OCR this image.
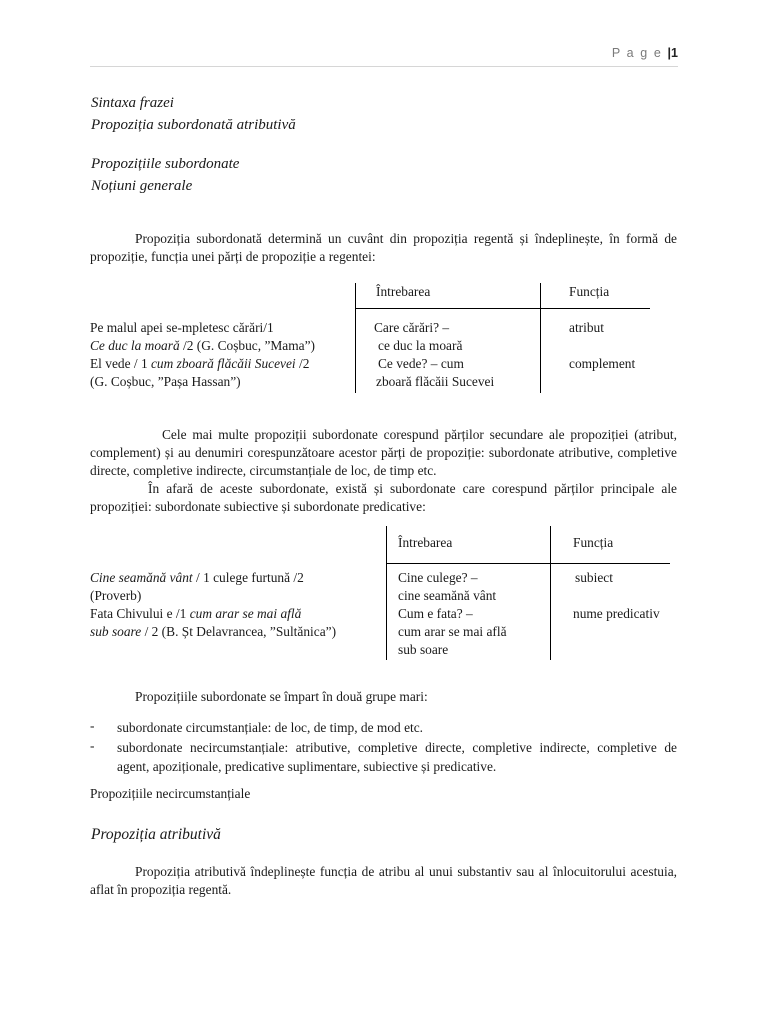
P a g e |1
Sintaxa frazei
Propoziția subordonată atributivă
Propozițiile subordonate
Noțiuni generale
Propoziția subordonată determină un cuvânt din propoziția regentă și îndeplinește, în formă de propoziție, funcția unei părți de propoziție a regentei:
Întrebarea	Funcția
Pe malul apei se-mpletesc cărări/1
Ce duc la moară /2 (G. Coșbuc, ”Mama”)
El vede / 1 cum zboară flăcăii Sucevei /2
(G. Coșbuc, ”Pașa Hassan”)
Care cărări? –
ce duc la moară
Ce vede? – cum
zboară flăcăii Sucevei
atribut
complement
Cele mai multe propoziții subordonate corespund părților secundare ale propoziției (atribut, complement) și au denumiri corespunzătoare acestor părți de propoziție: subordonate atributive, completive directe, completive indirecte, circumstanțiale de loc, de timp etc.
În afară de aceste subordonate, există și subordonate care corespund părților principale ale propoziției: subordonate subiective și subordonate predicative:
Întrebarea	Funcția
Cine seamănă vânt / 1 culege furtună /2
(Proverb)
Fata Chivului e /1 cum arar se mai află
sub soare / 2 (B. Șt Delavrancea, ”Sultănica”)
Cine culege? –
cine seamănă vânt
Cum e fata? –
cum arar se mai află
sub soare
subiect
nume predicativ
Propozițiile subordonate se împart în două grupe mari:
- subordonate circumstanțiale: de loc, de timp, de mod etc.
- subordonate necircumstanțiale: atributive, completive directe, completive indirecte, completive de agent, apoziționale, predicative suplimentare, subiective și predicative.
Propozițiile necircumstanțiale
Propoziția atributivă
Propoziția atributivă îndeplinește funcția de atribu al unui substantiv sau al înlocuitorului acestuia, aflat în propoziția regentă.
